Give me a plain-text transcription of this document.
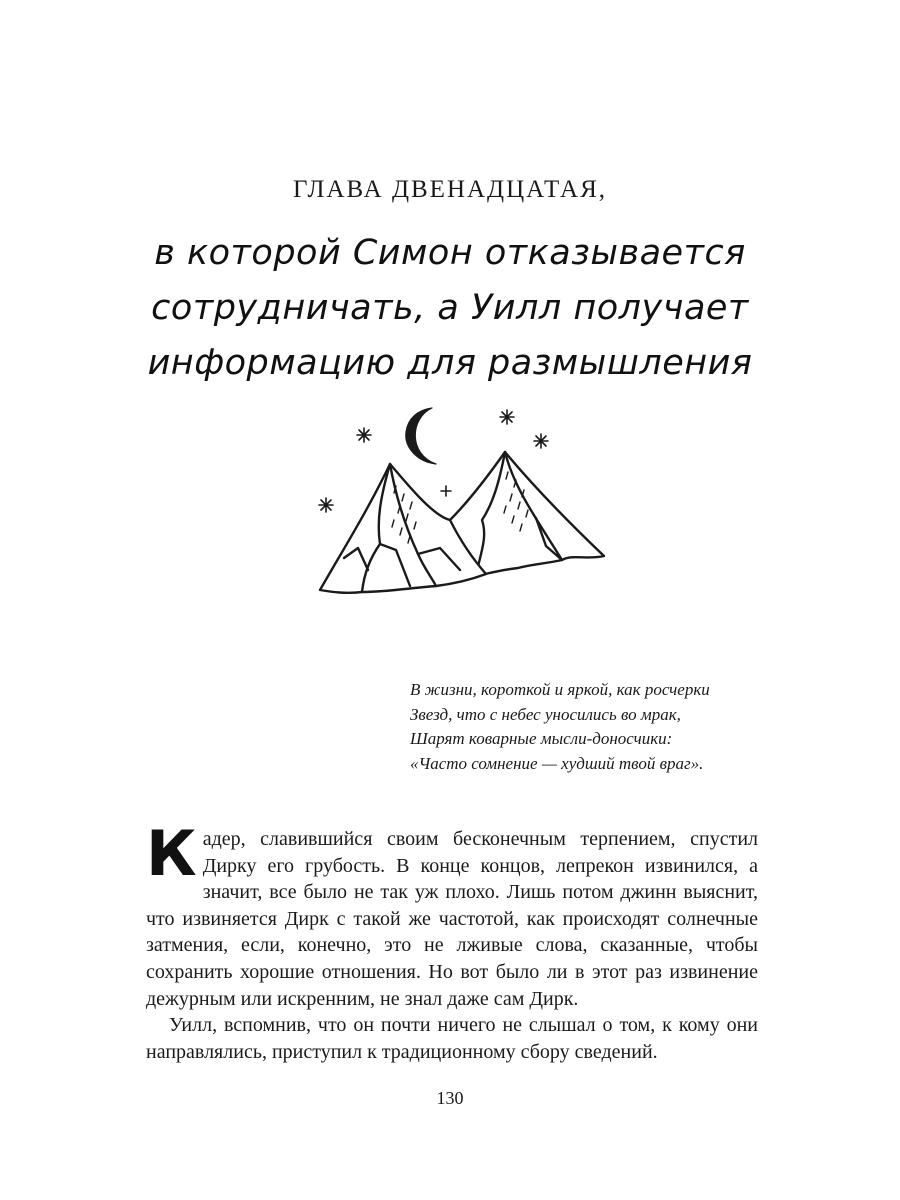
ГЛАВА ДВЕНАДЦАТАЯ,
в которой Симон отказывается
сотрудничать, а Уилл получает
информацию для размышления
В жизни, короткой и яркой, как росчерки
Звезд, что с небес уносились во мрак,
Шарят коварные мысли-доносчики:
«Часто сомнение — худший твой враг».

Кадер, славившийся своим бесконечным терпением, спустил Дирку его грубость. В конце концов, лепрекон извинился, а значит, все было не так уж плохо. Лишь потом джинн выяснит, что извиняется Дирк с такой же частотой, как происходят солнечные затмения, если, конечно, это не лживые слова, сказанные, чтобы сохранить хорошие отношения. Но вот было ли в этот раз извинение дежурным или искренним, не знал даже сам Дирк.

Уилл, вспомнив, что он почти ничего не слышал о том, к кому они направлялись, приступил к традиционному сбору сведений.

130
